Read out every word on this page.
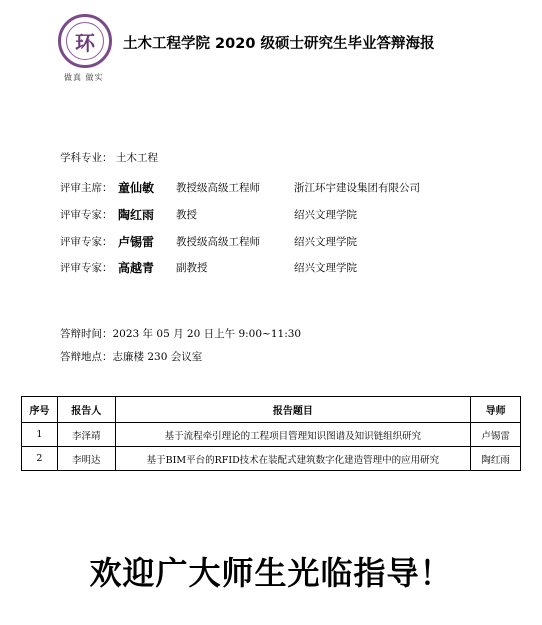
环
做真 做实
土木工程学院 2020 级硕士研究生毕业答辩海报
学科专业： 土木工程
评审主席： 童仙敏 教授级高级工程师	浙江环宇建设集团有限公司
评审专家： 陶红雨 教授	绍兴文理学院
评审专家： 卢锡雷 教授级高级工程师	绍兴文理学院
评审专家： 高越青 副教授	绍兴文理学院
答辩时间：2023 年 05 月 20 日上午 9:00~11:30
答辩地点：志廉楼 230 会议室
序号	报告人	报告题目	导师
1	李泽靖	基于流程牵引理论的工程项目管理知识图谱及知识链组织研究	卢锡雷
2	李明达	基于BIM平台的RFID技术在装配式建筑数字化建造管理中的应用研究	陶红雨
欢迎广大师生光临指导！
